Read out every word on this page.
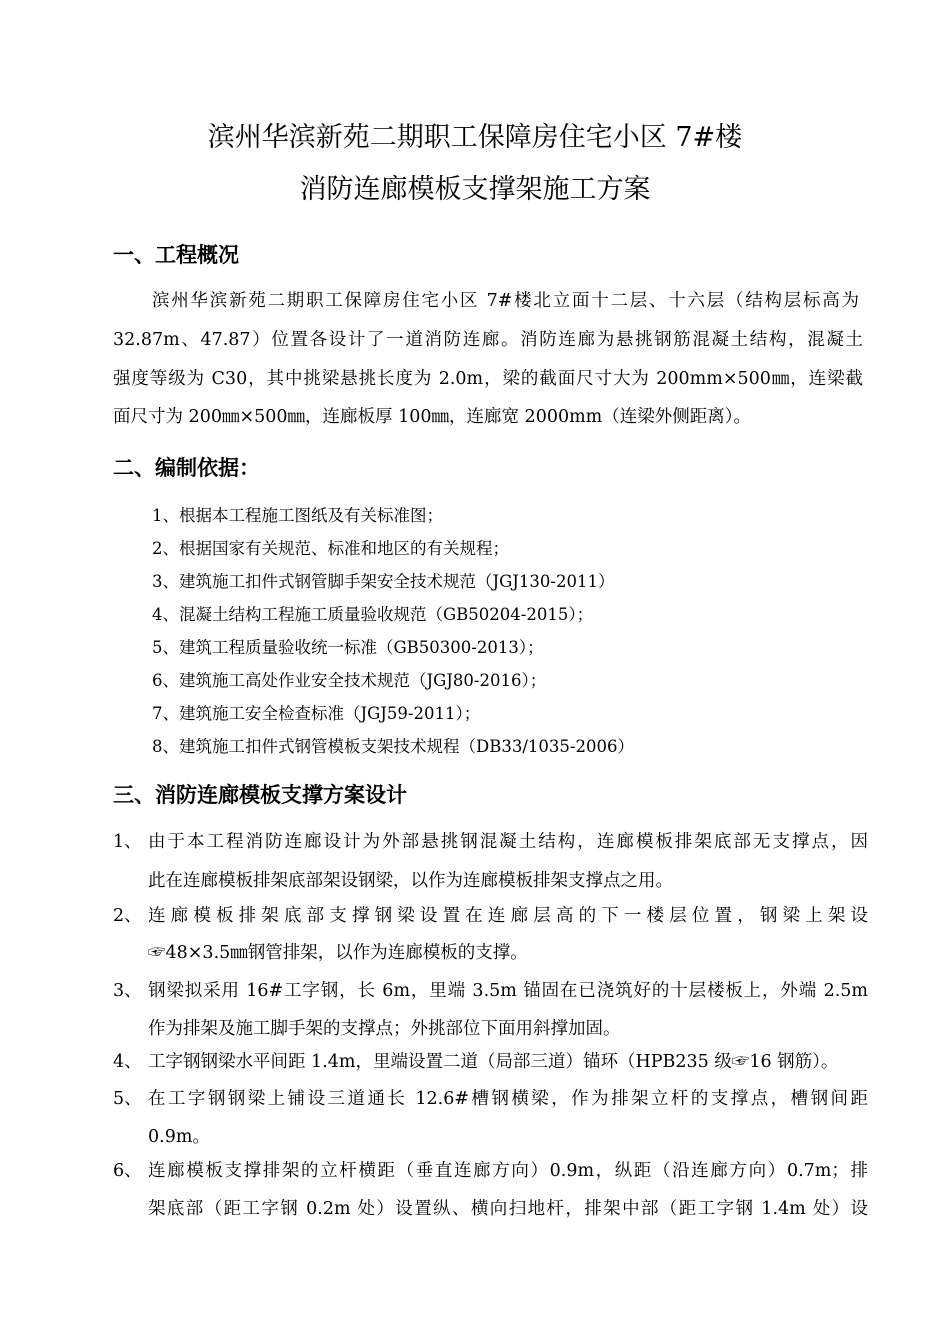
滨州华滨新苑二期职工保障房住宅小区 7#楼
消防连廊模板支撑架施工方案
一、工程概况
滨州华滨新苑二期职工保障房住宅小区 7#楼北立面十二层、十六层（结构层标高为
32.87m、47.87）位置各设计了一道消防连廊。消防连廊为悬挑钢筋混凝土结构，混凝土
强度等级为 C30，其中挑梁悬挑长度为 2.0m，梁的截面尺寸大为 200mm×500㎜，连梁截
面尺寸为 200㎜×500㎜，连廊板厚 100㎜，连廊宽 2000mm（连梁外侧距离）。
二、编制依据：
1、根据本工程施工图纸及有关标准图；
2、根据国家有关规范、标准和地区的有关规程；
3、建筑施工扣件式钢管脚手架安全技术规范（JGJ130-2011）
4、混凝土结构工程施工质量验收规范（GB50204-2015）；
5、建筑工程质量验收统一标准（GB50300-2013）；
6、建筑施工高处作业安全技术规范（JGJ80-2016）；
7、建筑施工安全检查标准（JGJ59-2011）；
8、建筑施工扣件式钢管模板支架技术规程（DB33/1035-2006）
三、消防连廊模板支撑方案设计
1、 由于本工程消防连廊设计为外部悬挑钢混凝土结构，连廊模板排架底部无支撑点，因
此在连廊模板排架底部架设钢梁，以作为连廊模板排架支撑点之用。
2、 连廊模板排架底部支撑钢梁设置在连廊层高的下一楼层位置，钢梁上架设
☞48×3.5㎜钢管排架，以作为连廊模板的支撑。
3、 钢梁拟采用 16#工字钢，长 6m，里端 3.5m 锚固在已浇筑好的十层楼板上，外端 2.5m
作为排架及施工脚手架的支撑点；外挑部位下面用斜撑加固。
4、 工字钢钢梁水平间距 1.4m，里端设置二道（局部三道）锚环（HPB235 级☞16 钢筋）。
5、 在工字钢钢梁上铺设三道通长 12.6#槽钢横梁，作为排架立杆的支撑点，槽钢间距
0.9m。
6、 连廊模板支撑排架的立杆横距（垂直连廊方向）0.9m，纵距（沿连廊方向）0.7m；排
架底部（距工字钢 0.2m 处）设置纵、横向扫地杆，排架中部（距工字钢 1.4m 处）设
